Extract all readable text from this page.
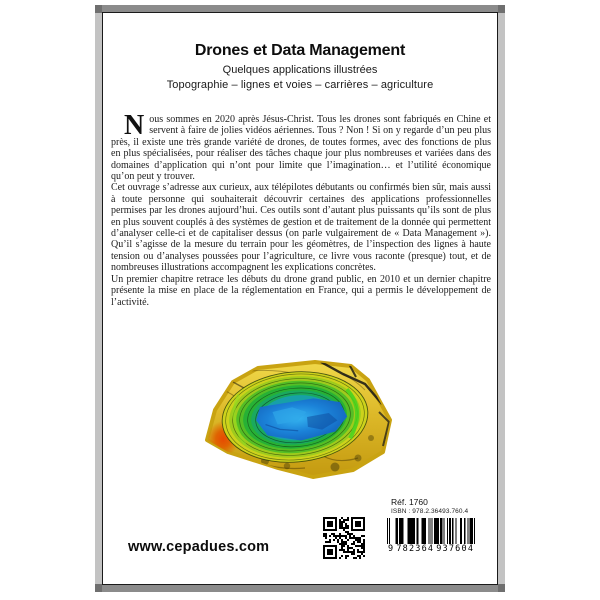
Drones et Data Management
Quelques applications illustrées
Topographie – lignes et voies – carrières – agriculture

Nous sommes en 2020 après Jésus-Christ. Tous les drones sont fabriqués en Chine et servent à faire de jolies vidéos aériennes. Tous ? Non ! Si on y regarde d’un peu plus près, il existe une très grande variété de drones, de toutes formes, avec des fonctions de plus en plus spécialisées, pour réaliser des tâches chaque jour plus nombreuses et variées dans des domaines d’application qui n’ont pour limite que l’imagination… et l’utilité économique qu’on peut y trouver.

Cet ouvrage s’adresse aux curieux, aux télépilotes débutants ou confirmés bien sûr, mais aussi à toute personne qui souhaiterait découvrir certaines des applications professionnelles permises par les drones aujourd’hui. Ces outils sont d’autant plus puissants qu’ils sont de plus en plus souvent couplés à des systèmes de gestion et de traitement de la donnée qui permettent d’analyser celle-ci et de capitaliser dessus (on parle vulgairement de « Data Management »). Qu’il s’agisse de la mesure du terrain pour les géomètres, de l’inspection des lignes à haute tension ou d’analyses poussées pour l’agriculture, ce livre vous raconte (presque) tout, et de nombreuses illustrations accompagnent les explications concrètes.

Un premier chapitre retrace les débuts du drone grand public, en 2010 et un dernier chapitre présente la mise en place de la réglementation en France, qui a permis le développement de l’activité.

www.cepadues.com
Réf. 1760
ISBN : 978.2.36493.760.4
9 782364 937604
